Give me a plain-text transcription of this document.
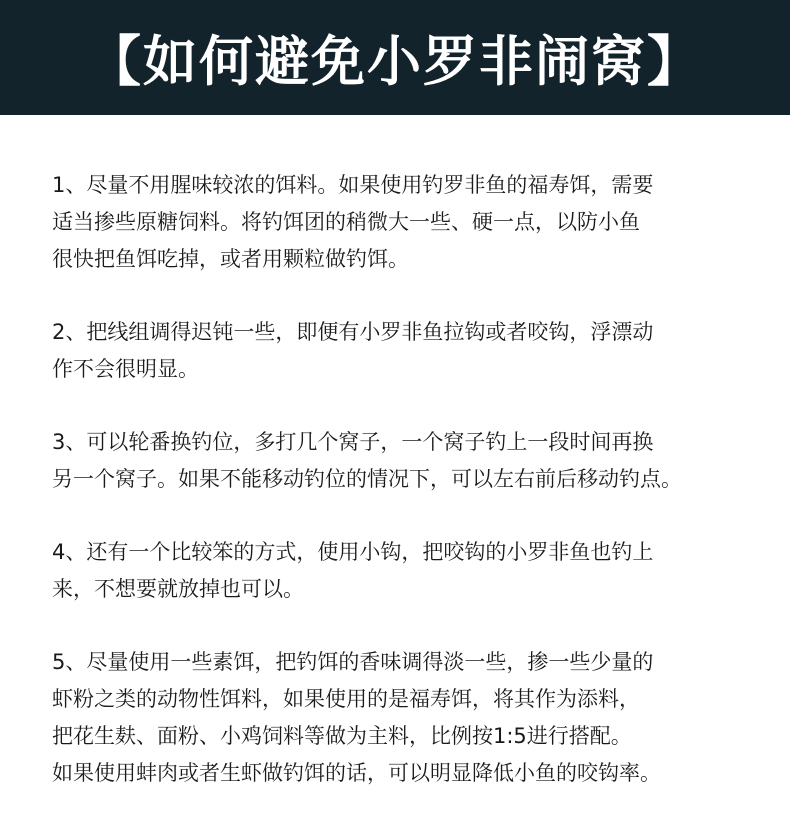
【如何避免小罗非闹窝】

1、尽量不用腥味较浓的饵料。如果使用钓罗非鱼的福寿饵，需要
适当掺些原糖饲料。将钓饵团的稍微大一些、硬一点，以防小鱼
很快把鱼饵吃掉，或者用颗粒做钓饵。

2、把线组调得迟钝一些，即便有小罗非鱼拉钩或者咬钩，浮漂动
作不会很明显。

3、可以轮番换钓位，多打几个窝子，一个窝子钓上一段时间再换
另一个窝子。如果不能移动钓位的情况下，可以左右前后移动钓点。

4、还有一个比较笨的方式，使用小钩，把咬钩的小罗非鱼也钓上
来，不想要就放掉也可以。

5、尽量使用一些素饵，把钓饵的香味调得淡一些，掺一些少量的
虾粉之类的动物性饵料，如果使用的是福寿饵，将其作为添料，
把花生麸、面粉、小鸡饲料等做为主料，比例按1:5进行搭配。
如果使用蚌肉或者生虾做钓饵的话，可以明显降低小鱼的咬钩率。
